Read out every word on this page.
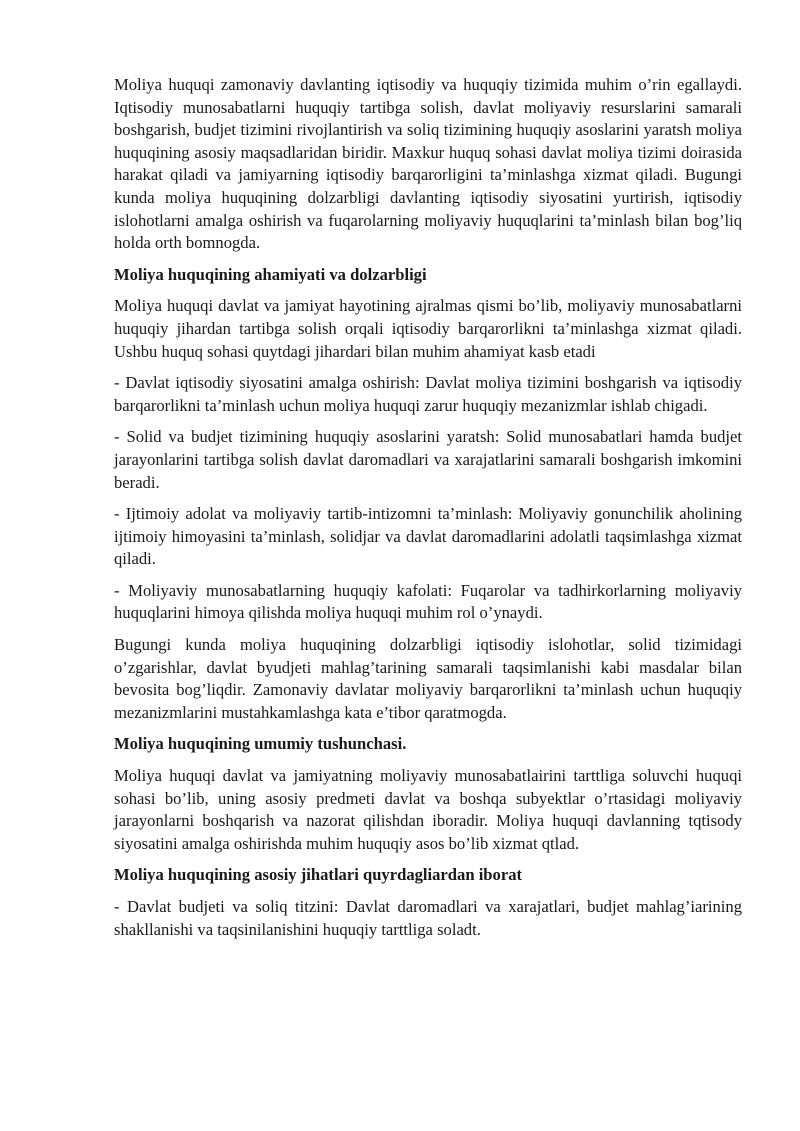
Moliya huquqi zamonaviy davlanting iqtisodiy va huquqiy tizimida muhim o’rin egallaydi. Iqtisodiy munosabatlarni huquqiy tartibga solish, davlat moliyaviy resurslarini samarali boshgarish, budjet tizimini rivojlantirish va soliq tizimining huquqiy asoslarini yaratsh moliya huquqining asosiy maqsadlaridan biridir. Maxkur huquq sohasi davlat moliya tizimi doirasida harakat qiladi va jamiyarning iqtisodiy barqarorligini ta’minlashga xizmat qiladi. Bugungi kunda moliya huquqining dolzarbligi davlanting iqtisodiy siyosatini yurtirish, iqtisodiy islohotlarni amalga oshirish va fuqarolarning moliyaviy huquqlarini ta’minlash bilan bog’liq holda orth bomnogda.

Moliya huquqining ahamiyati va dolzarbligi

Moliya huquqi davlat va jamiyat hayotining ajralmas qismi bo’lib, moliyaviy munosabatlarni huquqiy jihardan tartibga solish orqali iqtisodiy barqarorlikni ta’minlashga xizmat qiladi. Ushbu huquq sohasi quytdagi jihardari bilan muhim ahamiyat kasb etadi

- Davlat iqtisodiy siyosatini amalga oshirish: Davlat moliya tizimini boshgarish va iqtisodiy barqarorlikni ta’minlash uchun moliya huquqi zarur huquqiy mezanizmlar ishlab chigadi.

- Solid va budjet tizimining huquqiy asoslarini yaratsh: Solid munosabatlari hamda budjet jarayonlarini tartibga solish davlat daromadlari va xarajatlarini samarali boshgarish imkomini beradi.

- Ijtimoiy adolat va moliyaviy tartib-intizomni ta’minlash: Moliyaviy gonunchilik aholining ijtimoiy himoyasini ta’minlash, solidjar va davlat daromadlarini adolatli taqsimlashga xizmat qiladi.

- Moliyaviy munosabatlarning huquqiy kafolati: Fuqarolar va tadhirkorlarning moliyaviy huquqlarini himoya qilishda moliya huquqi muhim rol o’ynaydi.

Bugungi kunda moliya huquqining dolzarbligi iqtisodiy islohotlar, solid tizimidagi o’zgarishlar, davlat byudjeti mahlag’tarining samarali taqsimlanishi kabi masdalar bilan bevosita bog’liqdir. Zamonaviy davlatar moliyaviy barqarorlikni ta’minlash uchun huquqiy mezanizmlarini mustahkamlashga kata e’tibor qaratmogda.

Moliya huquqining umumiy tushunchasi.

Moliya huquqi davlat va jamiyatning moliyaviy munosabatlairini tarttliga soluvchi huquqi sohasi bo’lib, uning asosiy predmeti davlat va boshqa subyektlar o’rtasidagi moliyaviy jarayonlarni boshqarish va nazorat qilishdan iboradir. Moliya huquqi davlanning tqtisody siyosatini amalga oshirishda muhim huquqiy asos bo’lib xizmat qtlad.

Moliya huquqining asosiy jihatlari quyrdagliardan iborat

- Davlat budjeti va soliq titzini: Davlat daromadlari va xarajatlari, budjet mahlag’iarining shakllanishi va taqsinilanishini huquqiy tarttliga soladt.
